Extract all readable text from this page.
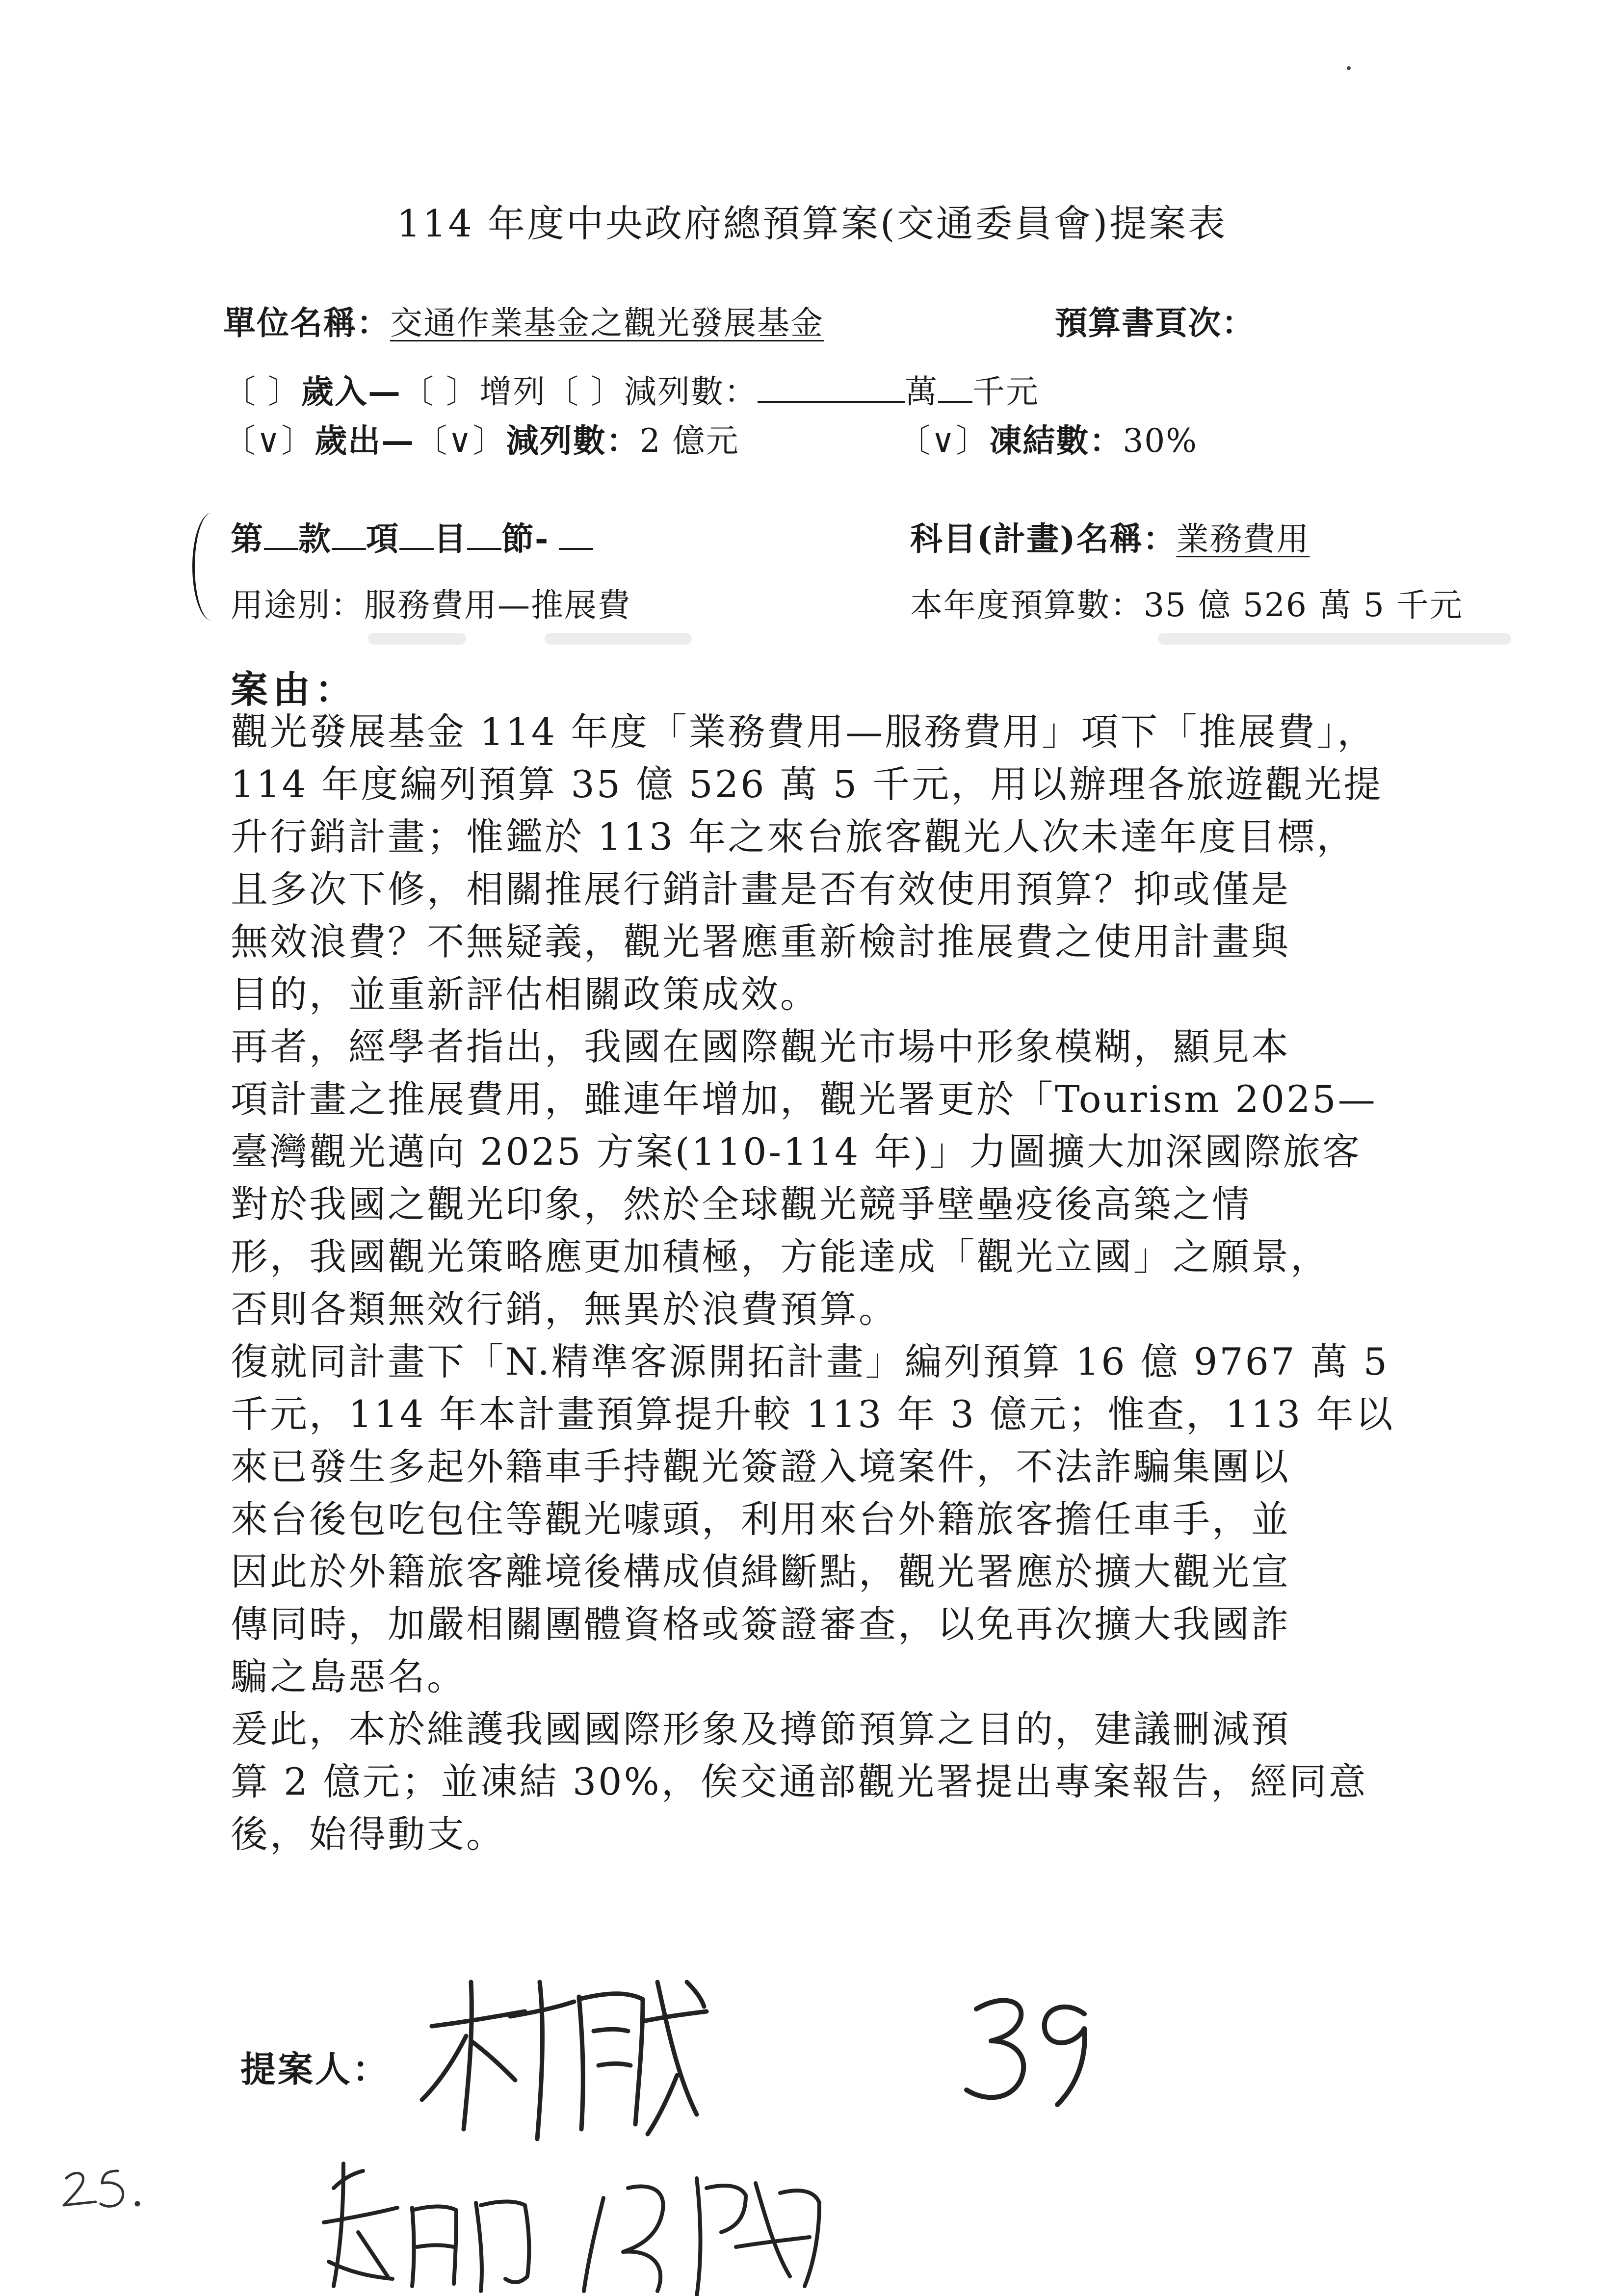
114 年度中央政府總預算案(交通委員會)提案表
單位名稱：交通作業基金之觀光發展基金	預算書頁次：
〔 〕歲入—〔 〕增列〔 〕減列數：	萬 千元
〔∨〕歲出—〔∨〕減列數：2 億元	〔∨〕凍結數：30%
第 款 項 目 節-	科目(計畫)名稱：業務費用
用途別：服務費用—推展費	本年度預算數：35 億 526 萬 5 千元
案由：
觀光發展基金 114 年度「業務費用—服務費用」項下「推展費」，
114 年度編列預算 35 億 526 萬 5 千元，用以辦理各旅遊觀光提
升行銷計畫；惟鑑於 113 年之來台旅客觀光人次未達年度目標，
且多次下修，相關推展行銷計畫是否有效使用預算？抑或僅是
無效浪費？不無疑義，觀光署應重新檢討推展費之使用計畫與
目的，並重新評估相關政策成效。
再者，經學者指出，我國在國際觀光市場中形象模糊，顯見本
項計畫之推展費用，雖連年增加，觀光署更於「Tourism 2025—
臺灣觀光邁向 2025 方案(110-114 年)」力圖擴大加深國際旅客
對於我國之觀光印象，然於全球觀光競爭壁壘疫後高築之情
形，我國觀光策略應更加積極，方能達成「觀光立國」之願景，
否則各類無效行銷，無異於浪費預算。
復就同計畫下「N.精準客源開拓計畫」編列預算 16 億 9767 萬 5
千元，114 年本計畫預算提升較 113 年 3 億元；惟查，113 年以
來已發生多起外籍車手持觀光簽證入境案件，不法詐騙集團以
來台後包吃包住等觀光噱頭，利用來台外籍旅客擔任車手，並
因此於外籍旅客離境後構成偵緝斷點，觀光署應於擴大觀光宣
傳同時，加嚴相關團體資格或簽證審查，以免再次擴大我國詐
騙之島惡名。
爰此，本於維護我國國際形象及撙節預算之目的，建議刪減預
算 2 億元；並凍結 30%，俟交通部觀光署提出專案報告，經同意
後，始得動支。
提案人：
